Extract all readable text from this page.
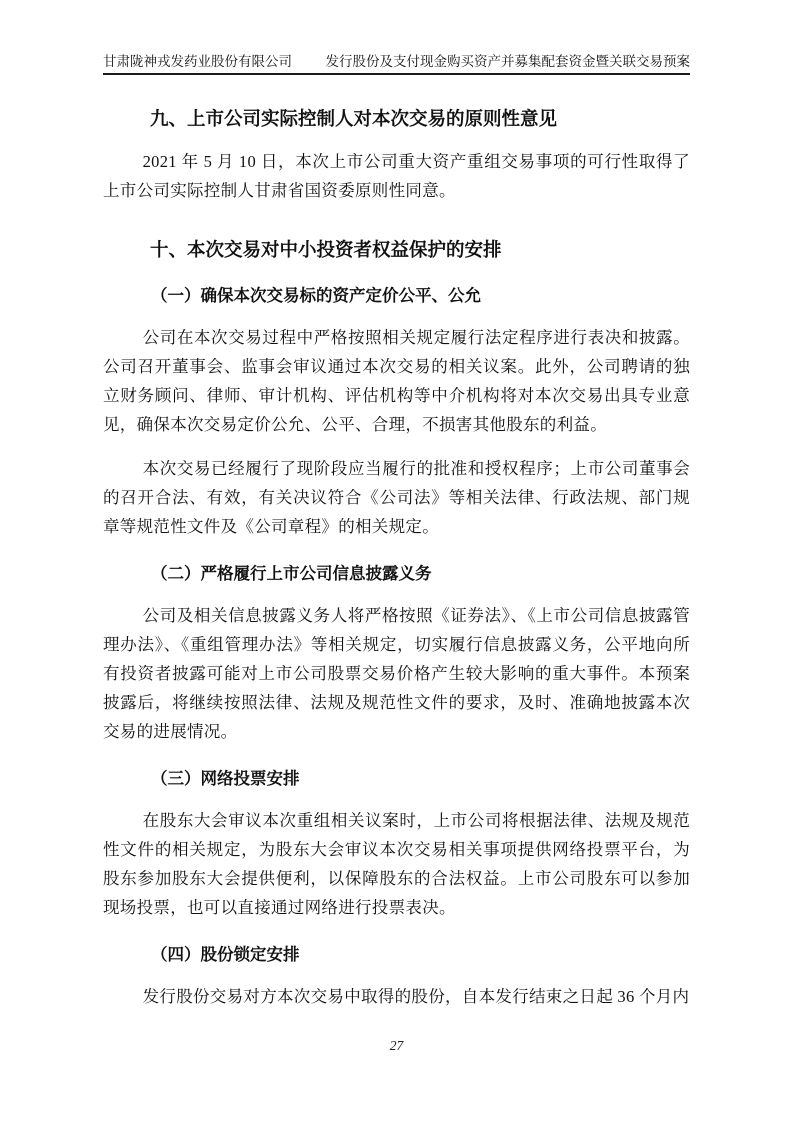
甘肃陇神戎发药业股份有限公司 发行股份及支付现金购买资产并募集配套资金暨关联交易预案
九、上市公司实际控制人对本次交易的原则性意见
2021 年 5 月 10 日，本次上市公司重大资产重组交易事项的可行性取得了上市公司实际控制人甘肃省国资委原则性同意。
十、本次交易对中小投资者权益保护的安排
（一）确保本次交易标的资产定价公平、公允
公司在本次交易过程中严格按照相关规定履行法定程序进行表决和披露。公司召开董事会、监事会审议通过本次交易的相关议案。此外，公司聘请的独立财务顾问、律师、审计机构、评估机构等中介机构将对本次交易出具专业意见，确保本次交易定价公允、公平、合理，不损害其他股东的利益。
本次交易已经履行了现阶段应当履行的批准和授权程序；上市公司董事会的召开合法、有效，有关决议符合《公司法》等相关法律、行政法规、部门规章等规范性文件及《公司章程》的相关规定。
（二）严格履行上市公司信息披露义务
公司及相关信息披露义务人将严格按照《证券法》、《上市公司信息披露管理办法》、《重组管理办法》等相关规定，切实履行信息披露义务，公平地向所有投资者披露可能对上市公司股票交易价格产生较大影响的重大事件。本预案披露后，将继续按照法律、法规及规范性文件的要求，及时、准确地披露本次交易的进展情况。
（三）网络投票安排
在股东大会审议本次重组相关议案时，上市公司将根据法律、法规及规范性文件的相关规定，为股东大会审议本次交易相关事项提供网络投票平台，为股东参加股东大会提供便利，以保障股东的合法权益。上市公司股东可以参加现场投票，也可以直接通过网络进行投票表决。
（四）股份锁定安排
发行股份交易对方本次交易中取得的股份，自本发行结束之日起 36 个月内
27
